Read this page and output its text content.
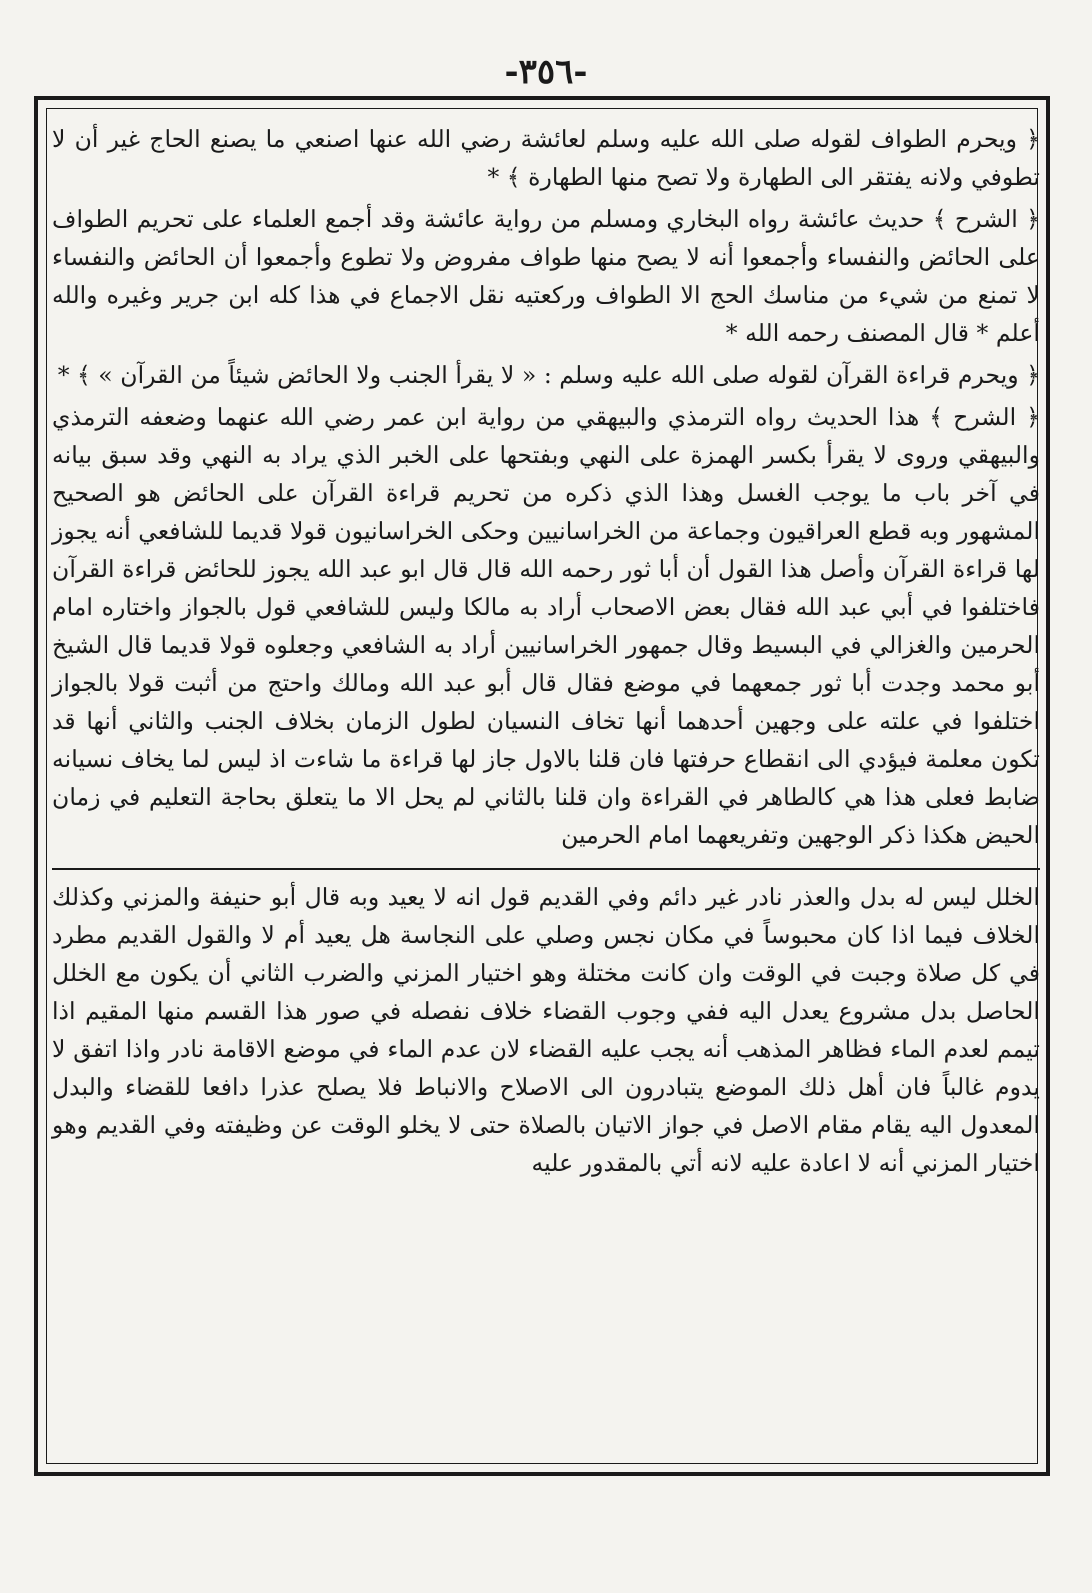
-٣٥٦-

﴿ ويحرم الطواف لقوله صلى الله عليه وسلم لعائشة رضي الله عنها اصنعي ما يصنع الحاج غير أن لا تطوفي ولانه يفتقر الى الطهارة ولا تصح منها الطهارة ﴾ *

﴿ الشرح ﴾ حديث عائشة رواه البخاري ومسلم من رواية عائشة وقد أجمع العلماء على تحريم الطواف على الحائض والنفساء وأجمعوا أنه لا يصح منها طواف مفروض ولا تطوع وأجمعوا أن الحائض والنفساء لا تمنع من شيء من مناسك الحج الا الطواف وركعتيه نقل الاجماع في هذا كله ابن جرير وغيره والله أعلم * قال المصنف رحمه الله *

﴿ ويحرم قراءة القرآن لقوله صلى الله عليه وسلم : « لا يقرأ الجنب ولا الحائض شيئاً من القرآن » ﴾ *

﴿ الشرح ﴾ هذا الحديث رواه الترمذي والبيهقي من رواية ابن عمر رضي الله عنهما وضعفه الترمذي والبيهقي وروى لا يقرأ بكسر الهمزة على النهي وبفتحها على الخبر الذي يراد به النهي وقد سبق بيانه في آخر باب ما يوجب الغسل وهذا الذي ذكره من تحريم قراءة القرآن على الحائض هو الصحيح المشهور وبه قطع العراقيون وجماعة من الخراسانيين وحكى الخراسانيون قولا قديما للشافعي أنه يجوز لها قراءة القرآن وأصل هذا القول أن أبا ثور رحمه الله قال قال ابو عبد الله يجوز للحائض قراءة القرآن فاختلفوا في أبي عبد الله فقال بعض الاصحاب أراد به مالكا وليس للشافعي قول بالجواز واختاره امام الحرمين والغزالي في البسيط وقال جمهور الخراسانيين أراد به الشافعي وجعلوه قولا قديما قال الشيخ أبو محمد وجدت أبا ثور جمعهما في موضع فقال قال أبو عبد الله ومالك واحتج من أثبت قولا بالجواز اختلفوا في علته على وجهين أحدهما أنها تخاف النسيان لطول الزمان بخلاف الجنب والثاني أنها قد تكون معلمة فيؤدي الى انقطاع حرفتها فان قلنا بالاول جاز لها قراءة ما شاءت اذ ليس لما يخاف نسيانه ضابط فعلى هذا هي كالطاهر في القراءة وان قلنا بالثاني لم يحل الا ما يتعلق بحاجة التعليم في زمان الحيض هكذا ذكر الوجهين وتفريعهما امام الحرمين

الخلل ليس له بدل والعذر نادر غير دائم وفي القديم قول انه لا يعيد وبه قال أبو حنيفة والمزني وكذلك الخلاف فيما اذا كان محبوساً في مكان نجس وصلي على النجاسة هل يعيد أم لا والقول القديم مطرد في كل صلاة وجبت في الوقت وان كانت مختلة وهو اختيار المزني والضرب الثاني أن يكون مع الخلل الحاصل بدل مشروع يعدل اليه ففي وجوب القضاء خلاف نفصله في صور هذا القسم منها المقيم اذا تيمم لعدم الماء فظاهر المذهب أنه يجب عليه القضاء لان عدم الماء في موضع الاقامة نادر واذا اتفق لا يدوم غالباً فان أهل ذلك الموضع يتبادرون الى الاصلاح والانباط فلا يصلح عذرا دافعا للقضاء والبدل المعدول اليه يقام مقام الاصل في جواز الاتيان بالصلاة حتى لا يخلو الوقت عن وظيفته وفي القديم وهو اختيار المزني أنه لا اعادة عليه لانه أتي بالمقدور عليه
